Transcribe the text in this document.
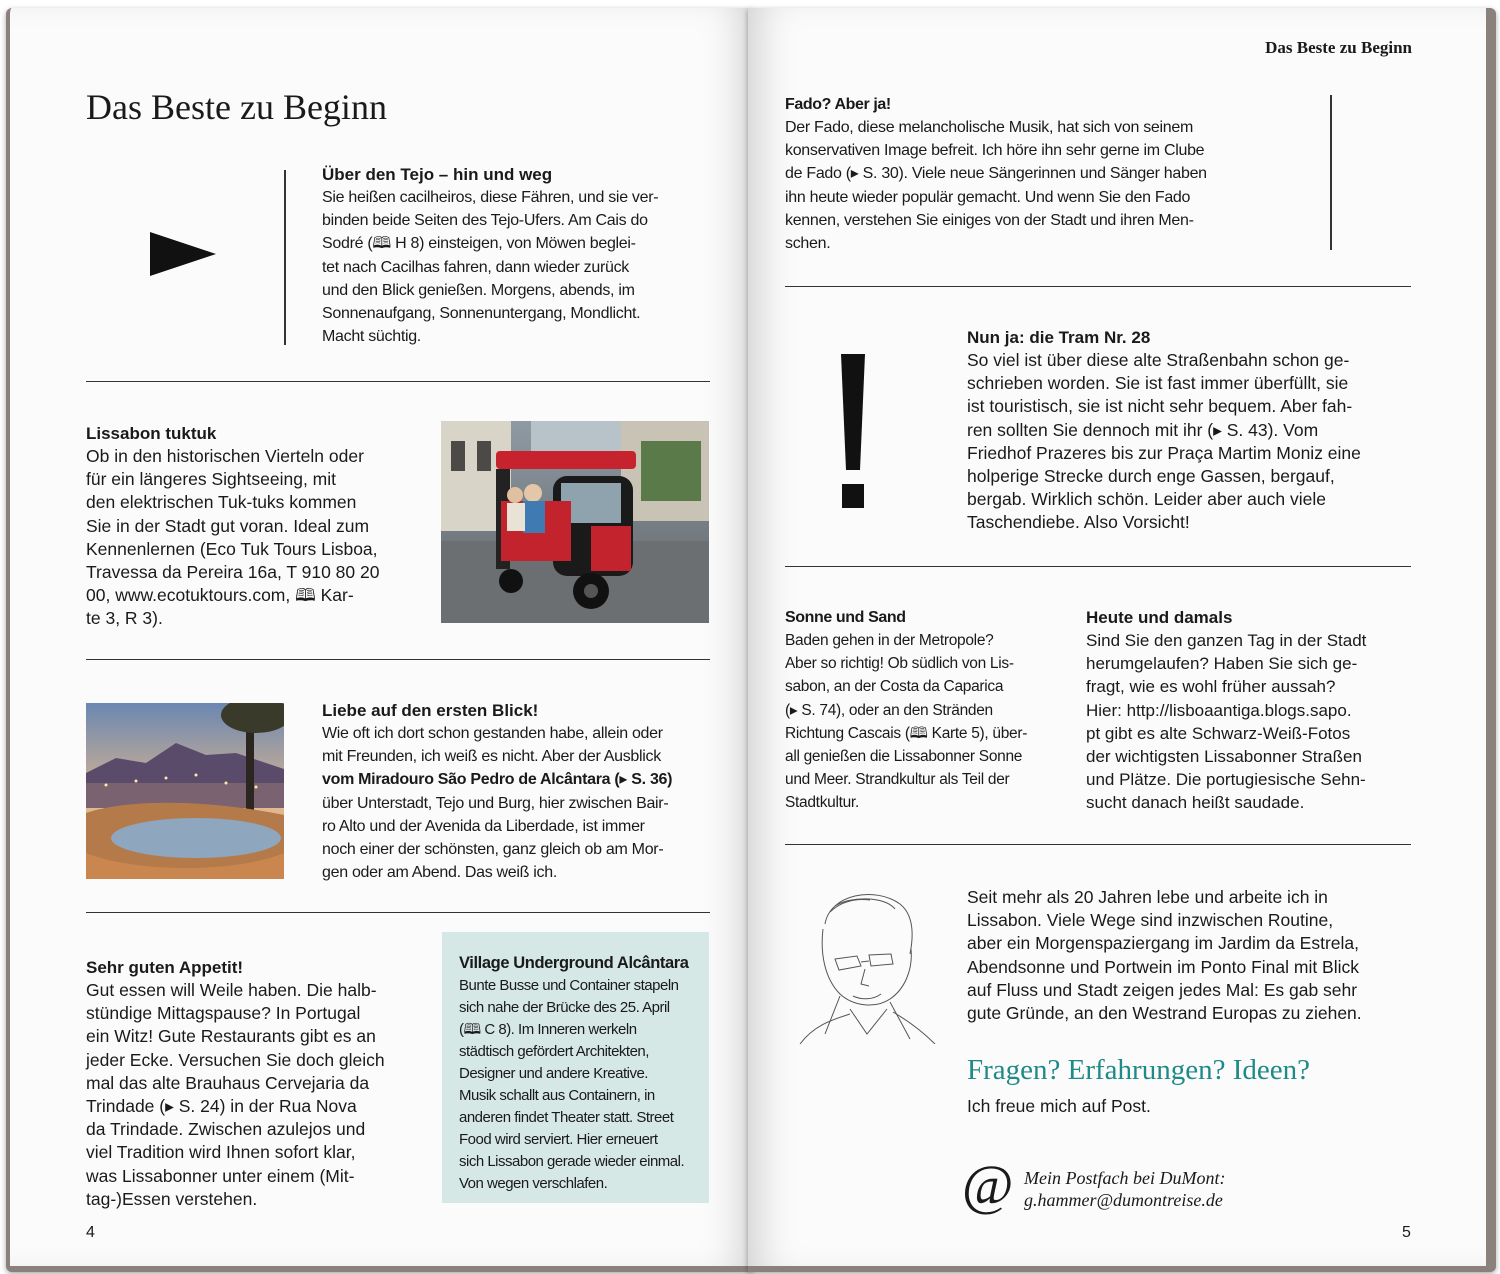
Das Beste zu Beginn
Über den Tejo – hin und weg
Sie heißen cacilheiros, diese Fähren, und sie ver-
binden beide Seiten des Tejo-Ufers. Am Cais do
Sodré (🕮 H 8) einsteigen, von Möwen beglei-
tet nach Cacilhas fahren, dann wieder zurück
und den Blick genießen. Morgens, abends, im
Sonnenaufgang, Sonnenuntergang, Mondlicht.
Macht süchtig.
Lissabon tuktuk
Ob in den historischen Vierteln oder
für ein längeres Sightseeing, mit
den elektrischen Tuk-tuks kommen
Sie in der Stadt gut voran. Ideal zum
Kennenlernen (Eco Tuk Tours Lisboa,
Travessa da Pereira 16a, T 910 80 20
00, www.ecotuktours.com, 🕮 Kar-
te 3, R 3).
Liebe auf den ersten Blick!
Wie oft ich dort schon gestanden habe, allein oder
mit Freunden, ich weiß es nicht. Aber der Ausblick
vom Miradouro São Pedro de Alcântara (▸ S. 36)
über Unterstadt, Tejo und Burg, hier zwischen Bair-
ro Alto und der Avenida da Liberdade, ist immer
noch einer der schönsten, ganz gleich ob am Mor-
gen oder am Abend. Das weiß ich.
Sehr guten Appetit!
Gut essen will Weile haben. Die halb-
stündige Mittagspause? In Portugal
ein Witz! Gute Restaurants gibt es an
jeder Ecke. Versuchen Sie doch gleich
mal das alte Brauhaus Cervejaria da
Trindade (▸ S. 24) in der Rua Nova
da Trindade. Zwischen azulejos und
viel Tradition wird Ihnen sofort klar,
was Lissabonner unter einem (Mit-
tag-)Essen verstehen.
Village Underground Alcântara
Bunte Busse und Container stapeln
sich nahe der Brücke des 25. April
(🕮 C 8). Im Inneren werkeln
städtisch gefördert Architekten,
Designer und andere Kreative.
Musik schallt aus Containern, in
anderen findet Theater statt. Street
Food wird serviert. Hier erneuert
sich Lissabon gerade wieder einmal.
Von wegen verschlafen.
4
Das Beste zu Beginn
Fado? Aber ja!
Der Fado, diese melancholische Musik, hat sich von seinem
konservativen Image befreit. Ich höre ihn sehr gerne im Clube
de Fado (▸ S. 30). Viele neue Sängerinnen und Sänger haben
ihn heute wieder populär gemacht. Und wenn Sie den Fado
kennen, verstehen Sie einiges von der Stadt und ihren Men-
schen.
Nun ja: die Tram Nr. 28
So viel ist über diese alte Straßenbahn schon ge-
schrieben worden. Sie ist fast immer überfüllt, sie
ist touristisch, sie ist nicht sehr bequem. Aber fah-
ren sollten Sie dennoch mit ihr (▸ S. 43). Vom
Friedhof Prazeres bis zur Praça Martim Moniz eine
holperige Strecke durch enge Gassen, bergauf,
bergab. Wirklich schön. Leider aber auch viele
Taschendiebe. Also Vorsicht!
Sonne und Sand
Baden gehen in der Metropole?
Aber so richtig! Ob südlich von Lis-
sabon, an der Costa da Caparica
(▸ S. 74), oder an den Stränden
Richtung Cascais (🕮 Karte 5), über-
all genießen die Lissabonner Sonne
und Meer. Strandkultur als Teil der
Stadtkultur.
Heute und damals
Sind Sie den ganzen Tag in der Stadt
herumgelaufen? Haben Sie sich ge-
fragt, wie es wohl früher aussah?
Hier: http://lisboaantiga.blogs.sapo.
pt gibt es alte Schwarz-Weiß-Fotos
der wichtigsten Lissabonner Straßen
und Plätze. Die portugiesische Sehn-
sucht danach heißt saudade.
Seit mehr als 20 Jahren lebe und arbeite ich in
Lissabon. Viele Wege sind inzwischen Routine,
aber ein Morgenspaziergang im Jardim da Estrela,
Abendsonne und Portwein im Ponto Final mit Blick
auf Fluss und Stadt zeigen jedes Mal: Es gab sehr
gute Gründe, an den Westrand Europas zu ziehen.
Fragen? Erfahrungen? Ideen?
Ich freue mich auf Post.
@ Mein Postfach bei DuMont:
g.hammer@dumontreise.de
5
